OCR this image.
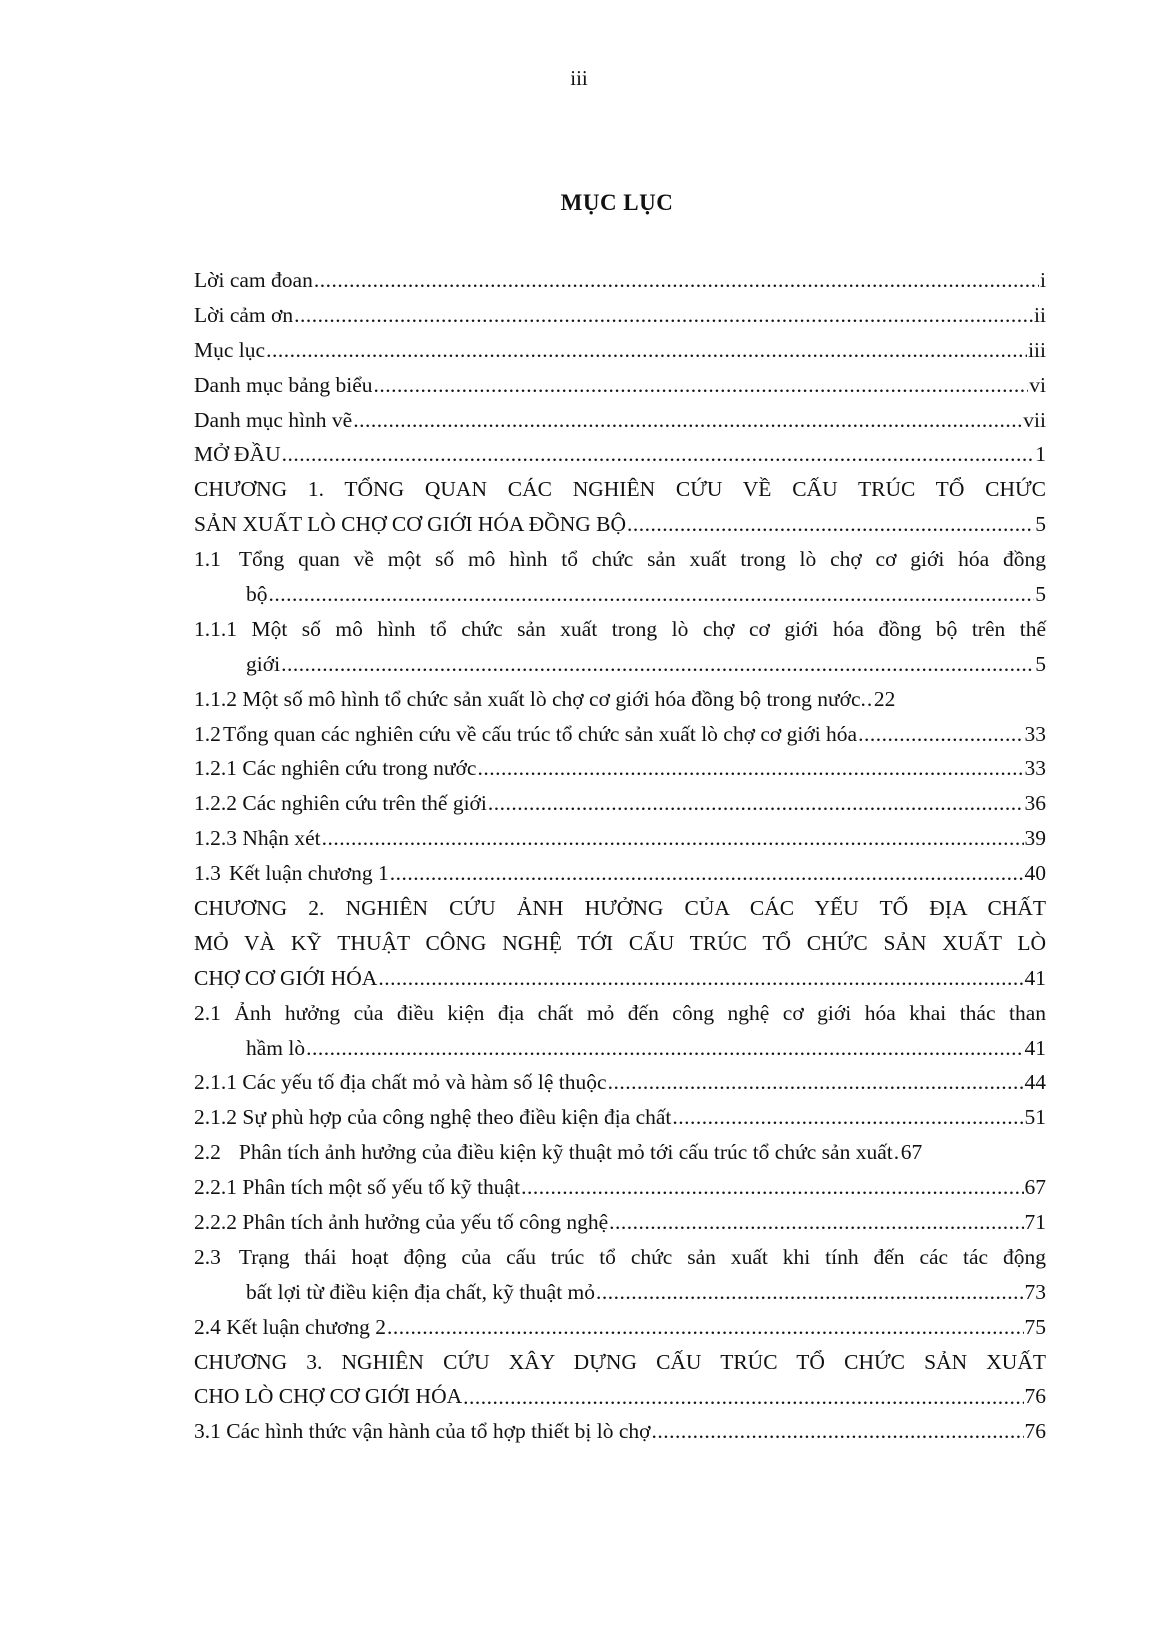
iii
MỤC LỤC
Lời cam đoan .....	i
Lời cảm ơn .....	ii
Mục lục .....	iii
Danh mục bảng biểu .....	vi
Danh mục hình vẽ .....	vii
MỞ ĐẦU .....	1
CHƯƠNG 1. TỔNG QUAN CÁC NGHIÊN CỨU VỀ CẤU TRÚC TỔ CHỨC
SẢN XUẤT LÒ CHỢ CƠ GIỚI HÓA ĐỒNG BỘ .....	5
1.1 Tổng quan về một số mô hình tổ chức sản xuất trong lò chợ cơ giới hóa đồng
bộ .....	5
1.1.1 Một số mô hình tổ chức sản xuất trong lò chợ cơ giới hóa đồng bộ trên thế
giới .....	5
1.1.2 Một số mô hình tổ chức sản xuất lò chợ cơ giới hóa đồng bộ trong nước. ..... 22
1.2 Tổng quan các nghiên cứu về cấu trúc tổ chức sản xuất lò chợ cơ giới hóa .....	33
1.2.1 Các nghiên cứu trong nước .....	33
1.2.2 Các nghiên cứu trên thế giới .....	36
1.2.3 Nhận xét .....	39
1.3 Kết luận chương 1 .....	40
CHƯƠNG 2. NGHIÊN CỨU ẢNH HƯỞNG CỦA CÁC YẾU TỐ ĐỊA CHẤT
MỎ VÀ KỸ THUẬT CÔNG NGHỆ TỚI CẤU TRÚC TỔ CHỨC SẢN XUẤT LÒ
CHỢ CƠ GIỚI HÓA .....	41
2.1 Ảnh hưởng của điều kiện địa chất mỏ đến công nghệ cơ giới hóa khai thác than
hầm lò .....	41
2.1.1 Các yếu tố địa chất mỏ và hàm số lệ thuộc .....	44
2.1.2 Sự phù hợp của công nghệ theo điều kiện địa chất .....	51
2.2 Phân tích ảnh hưởng của điều kiện kỹ thuật mỏ tới cấu trúc tổ chức sản xuất ..... 67
2.2.1 Phân tích một số yếu tố kỹ thuật .....	67
2.2.2 Phân tích ảnh hưởng của yếu tố công nghệ .....	71
2.3 Trạng thái hoạt động của cấu trúc tổ chức sản xuất khi tính đến các tác động
bất lợi từ điều kiện địa chất, kỹ thuật mỏ .....	73
2.4 Kết luận chương 2 .....	75
CHƯƠNG 3. NGHIÊN CỨU XÂY DỰNG CẤU TRÚC TỔ CHỨC SẢN XUẤT
CHO LÒ CHỢ CƠ GIỚI HÓA .....	76
3.1 Các hình thức vận hành của tổ hợp thiết bị lò chợ .....	76
